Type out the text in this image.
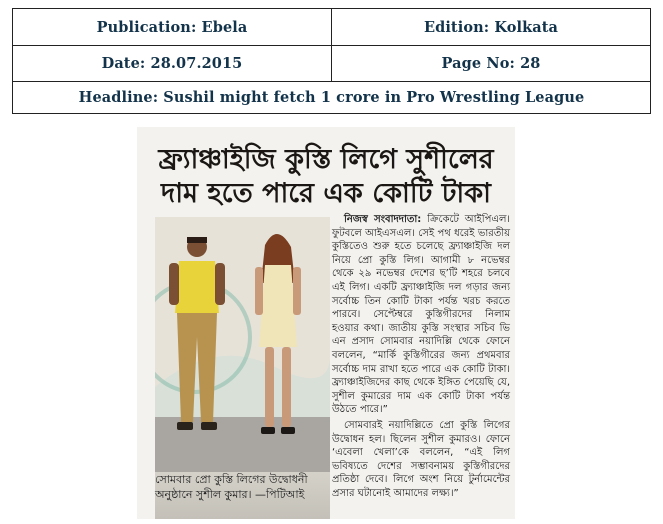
Publication: Ebela	Edition: Kolkata
Date: 28.07.2015	Page No: 28
Headline: Sushil might fetch 1 crore in Pro Wrestling League
ফ্র্যাঞ্চাইজি কুস্তি লিগে সুশীলের
দাম হতে পারে এক কোটি টাকা
সোমবার প্রো কুস্তি লিগের উদ্বোধনী অনুষ্ঠানে সুশীল কুমার। —পিটিআই

নিজস্ব সংবাদদাতা: ক্রিকেটে আইপিএল। ফুটবলে আইএসএল। সেই পথ ধরেই ভারতীয় কুস্তিতেও শুরু হতে চলেছে ফ্র্যাঞ্চাইজি দল নিয়ে প্রো কুস্তি লিগ। আগামী ৮ নভেম্বর থেকে ২৯ নভেম্বর দেশের ছ’টি শহরে চলবে এই লিগ। একটি ফ্র্যাঞ্চাইজি দল গড়ার জন্য সর্বোচ্চ তিন কোটি টাকা পর্যন্ত খরচ করতে পারবে। সেপ্টেম্বরে কুস্তিগীরদের নিলাম হওয়ার কথা। জাতীয় কুস্তি সংস্থার সচিব ভি এন প্রসাদ সোমবার নয়াদিল্লি থেকে ফোনে বললেন, “মার্কি কুস্তিগীরের জন্য প্রথমবার সর্বোচ্চ দাম রাখা হতে পারে এক কোটি টাকা। ফ্র্যাঞ্চাইজিদের কাছ থেকে ইঙ্গিত পেয়েছি যে, সুশীল কুমারের দাম এক কোটি টাকা পর্যন্ত উঠতে পারে।”

সোমবারই নয়াদিল্লিতে প্রো কুস্তি লিগের উদ্বোধন হল। ছিলেন সুশীল কুমারও। ফোনে ‘এবেলা খেলা’কে বললেন, “এই লিগ ভবিষ্যতে দেশের সম্ভাবনাময় কুস্তিগীরদের প্রতিষ্ঠা দেবে। লিগে অংশ নিয়ে টুর্নামেন্টের প্রসার ঘটানোই আমাদের লক্ষ্য।”
